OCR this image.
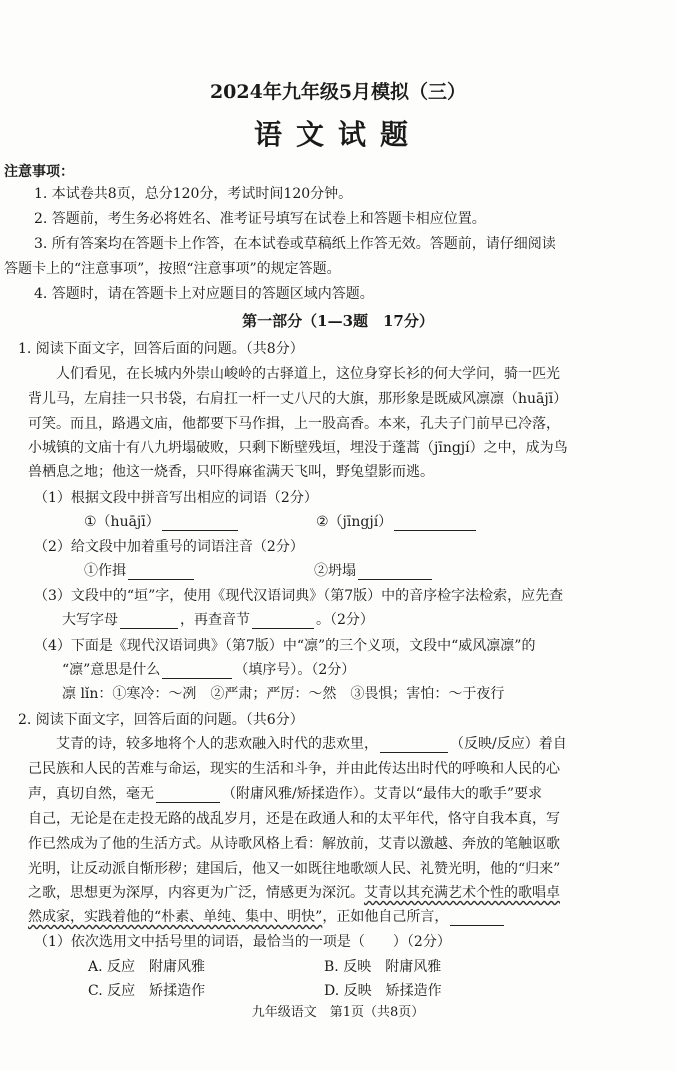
2024年九年级5月模拟（三）
语文试题
注意事项：
1. 本试卷共8页，总分120分，考试时间120分钟。
2. 答题前，考生务必将姓名、准考证号填写在试卷上和答题卡相应位置。
3. 所有答案均在答题卡上作答，在本试卷或草稿纸上作答无效。答题前，请仔细阅读
答题卡上的“注意事项”，按照“注意事项”的规定答题。
4. 答题时，请在答题卡上对应题目的答题区域内答题。
第一部分（1—3题　17分）
1. 阅读下面文字，回答后面的问题。（共8分）
人们看见，在长城内外崇山峻岭的古驿道上，这位身穿长衫的何大学问，骑一匹光
背儿马，左肩挂一只书袋，右肩扛一杆一丈八尺的大旗，那形象是既威风凛凛（huājī）
可笑。而且，路遇文庙，他都要下马作揖，上一股高香。本来，孔夫子门前早已冷落，
小城镇的文庙十有八九坍塌破败，只剩下断壁残垣，埋没于蓬蒿（jīngjí）之中，成为鸟
兽栖息之地；他这一烧香，只吓得麻雀满天飞叫，野兔望影而逃。
（1）根据文段中拼音写出相应的词语（2分）
①（huājī）	②（jīngjí）
（2）给文段中加着重号的词语注音（2分）
①作揖	②坍塌
（3）文段中的“垣”字，使用《现代汉语词典》（第7版）中的音序检字法检索，应先查
大写字母	，再查音节	。（2分）
（4）下面是《现代汉语词典》（第7版）中“凛”的三个义项，文段中“威风凛凛”的
“凛”意思是什么	（填序号）。（2分）
凛 lǐn：①寒冷：～冽　②严肃；严厉：～然　③畏惧；害怕：～于夜行
2. 阅读下面文字，回答后面的问题。（共6分）
艾青的诗，较多地将个人的悲欢融入时代的悲欢里，	（反映/反应）着自
己民族和人民的苦难与命运，现实的生活和斗争，并由此传达出时代的呼唤和人民的心
声，真切自然，毫无	（附庸风雅/矫揉造作）。艾青以“最伟大的歌手”要求
自己，无论是在走投无路的战乱岁月，还是在政通人和的太平年代，恪守自我本真，写
作已然成为了他的生活方式。从诗歌风格上看：解放前，艾青以激越、奔放的笔触讴歌
光明，让反动派自惭形秽；建国后，他又一如既往地歌颂人民、礼赞光明，他的“归来”
之歌，思想更为深厚，内容更为广泛，情感更为深沉。艾青以其充满艺术个性的歌唱卓
然成家，实践着他的“朴素、单纯、集中、明快”，正如他自己所言，
（1）依次选用文中括号里的词语，最恰当的一项是（　　）（2分）
A. 反应　附庸风雅	B. 反映　附庸风雅
C. 反应　矫揉造作	D. 反映　矫揉造作
九年级语文　第1页（共8页）
